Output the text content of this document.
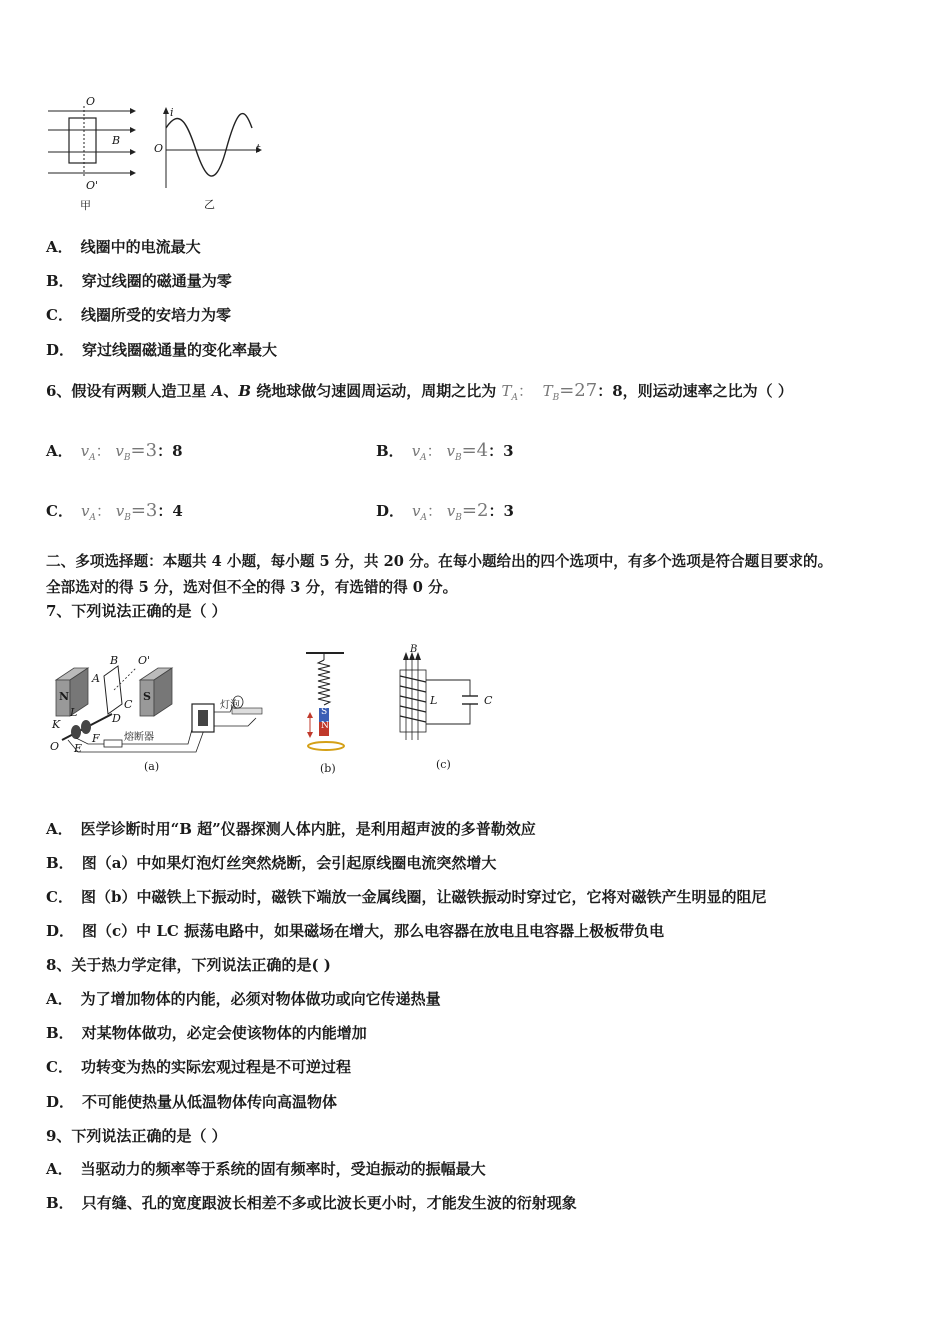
O
O'
B
甲
i
O	t
乙
A． 线圈中的电流最大
B． 穿过线圈的磁通量为零
C． 线圈所受的安培力为零
D． 穿过线圈磁通量的变化率最大
6、假设有两颗人造卫星 A、B 绕地球做匀速圆周运动，周期之比为 $T_A$： $T_B=27$：8，则运动速率之比为（ ）
A． $v_A$： $v_B=3$：8	B． $v_A$： $v_B=4$：3
C． $v_A$： $v_B=3$：4	D． $v_A$： $v_B=2$：3
二、多项选择题：本题共 4 小题，每小题 5 分，共 20 分。在每小题给出的四个选项中，有多个选项是符合题目要求的。
全部选对的得 5 分，选对但不全的得 3 分，有选错的得 0 分。
7、下列说法正确的是（ ）
N	S
B
A
O'
C
D
K
L
F
O E
熔断器
灯泡
(a)
S
N
(b)
B
L	C
(c)
A． 医学诊断时用“B 超”仪器探测人体内脏，是利用超声波的多普勒效应
B． 图（a）中如果灯泡灯丝突然烧断，会引起原线圈电流突然增大
C． 图（b）中磁铁上下振动时，磁铁下端放一金属线圈，让磁铁振动时穿过它，它将对磁铁产生明显的阻尼
D． 图（c）中 LC 振荡电路中，如果磁场在增大，那么电容器在放电且电容器上极板带负电
8、关于热力学定律，下列说法正确的是( )
A． 为了增加物体的内能，必须对物体做功或向它传递热量
B． 对某物体做功，必定会使该物体的内能增加
C． 功转变为热的实际宏观过程是不可逆过程
D． 不可能使热量从低温物体传向高温物体
9、下列说法正确的是（ ）
A． 当驱动力的频率等于系统的固有频率时，受迫振动的振幅最大
B． 只有缝、孔的宽度跟波长相差不多或比波长更小时，才能发生波的衍射现象
